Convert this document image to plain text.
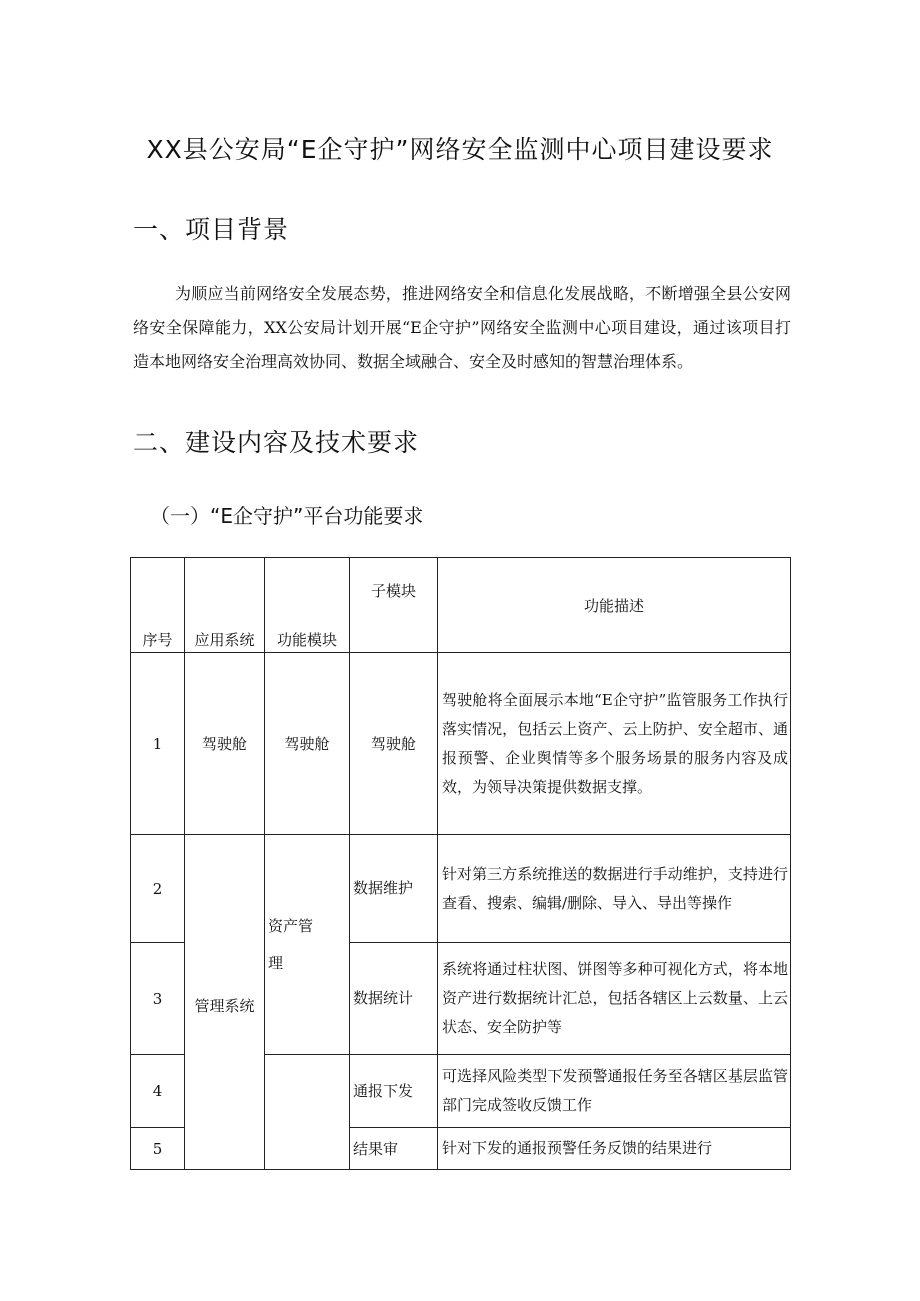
XX县公安局“E企守护”网络安全监测中心项目建设要求
一、项目背景

为顺应当前网络安全发展态势，推进网络安全和信息化发展战略，不断增强全县公安网络安全保障能力，XX公安局计划开展“E企守护”网络安全监测中心项目建设，通过该项目打造本地网络安全治理高效协同、数据全域融合、安全及时感知的智慧治理体系。

二、建设内容及技术要求
（一）“E企守护”平台功能要求
序号	应用系统	功能模块	子模块	功能描述
1	驾驶舱	驾驶舱	驾驶舱	驾驶舱将全面展示本地“E企守护”监管服务工作执行落实情况，包括云上资产、云上防护、安全超市、通报预警、企业舆情等多个服务场景的服务内容及成效，为领导决策提供数据支撑。
2	管理系统	资产管理	数据维护	针对第三方系统推送的数据进行手动维护，支持进行查看、搜索、编辑/删除、导入、导出等操作
3			数据统计	系统将通过柱状图、饼图等多种可视化方式，将本地资产进行数据统计汇总，包括各辖区上云数量、上云状态、安全防护等
4			通报下发	可选择风险类型下发预警通报任务至各辖区基层监管部门完成签收反馈工作
5			结果审	针对下发的通报预警任务反馈的结果进行
